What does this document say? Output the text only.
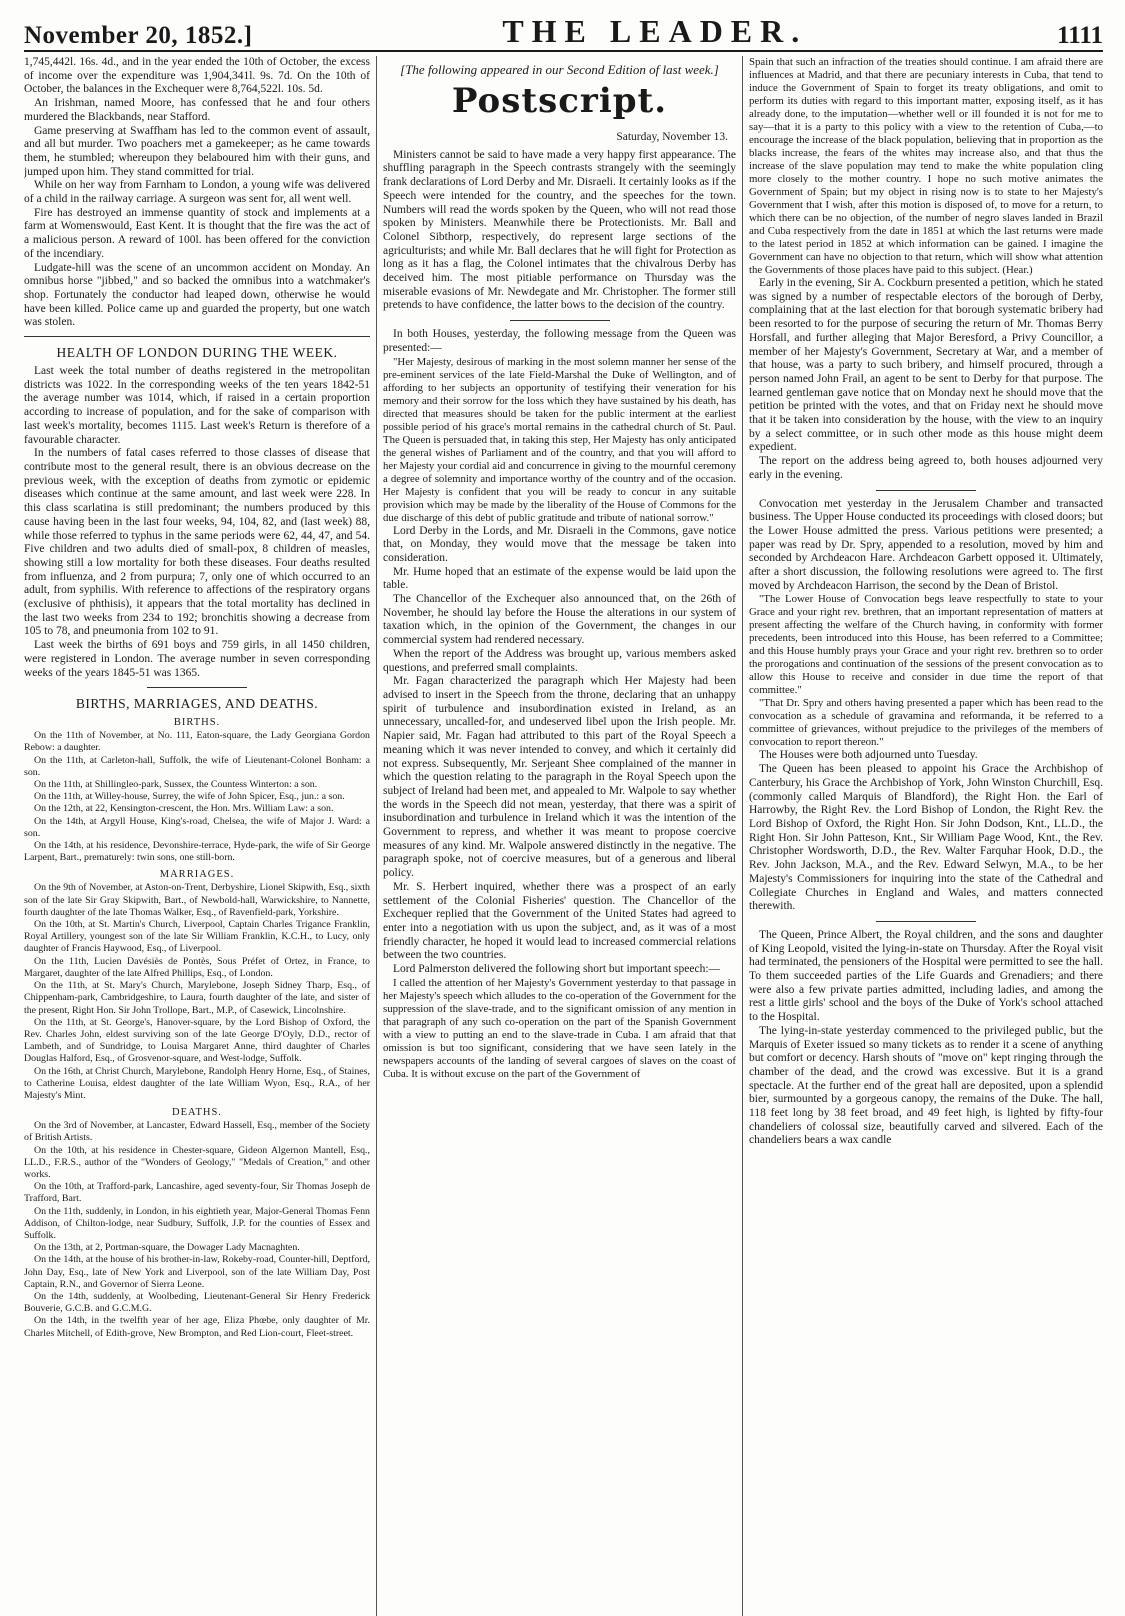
November 20, 1852.]	THE LEADER.	1111

1,745,442l. 16s. 4d., and in the year ended the 10th of October, the excess of income over the expenditure was 1,904,341l. 9s. 7d. On the 10th of October, the balances in the Exchequer were 8,764,522l. 10s. 5d.

An Irishman, named Moore, has confessed that he and four others murdered the Blackbands, near Stafford.

Game preserving at Swaffham has led to the common event of assault, and all but murder. Two poachers met a gamekeeper; as he came towards them, he stumbled; whereupon they belaboured him with their guns, and jumped upon him. They stand committed for trial.

While on her way from Farnham to London, a young wife was delivered of a child in the railway carriage. A surgeon was sent for, all went well.

Fire has destroyed an immense quantity of stock and implements at a farm at Womenswould, East Kent. It is thought that the fire was the act of a malicious person. A reward of 100l. has been offered for the conviction of the incendiary.

Ludgate-hill was the scene of an uncommon accident on Monday. An omnibus horse "jibbed," and so backed the omnibus into a watchmaker's shop. Fortunately the conductor had leaped down, otherwise he would have been killed. Police came up and guarded the property, but one watch was stolen.

HEALTH OF LONDON DURING THE WEEK.

Last week the total number of deaths registered in the metropolitan districts was 1022. In the corresponding weeks of the ten years 1842-51 the average number was 1014, which, if raised in a certain proportion according to increase of population, and for the sake of comparison with last week's mortality, becomes 1115. Last week's Return is therefore of a favourable character.

In the numbers of fatal cases referred to those classes of disease that contribute most to the general result, there is an obvious decrease on the previous week, with the exception of deaths from zymotic or epidemic diseases which continue at the same amount, and last week were 228. In this class scarlatina is still predominant; the numbers produced by this cause having been in the last four weeks, 94, 104, 82, and (last week) 88, while those referred to typhus in the same periods were 62, 44, 47, and 54. Five children and two adults died of small-pox, 8 children of measles, showing still a low mortality for both these diseases. Four deaths resulted from influenza, and 2 from purpura; 7, only one of which occurred to an adult, from syphilis. With reference to affections of the respiratory organs (exclusive of phthisis), it appears that the total mortality has declined in the last two weeks from 234 to 192; bronchitis showing a decrease from 105 to 78, and pneumonia from 102 to 91.

Last week the births of 691 boys and 759 girls, in all 1450 children, were registered in London. The average number in seven corresponding weeks of the years 1845-51 was 1365.

BIRTHS, MARRIAGES, AND DEATHS.
BIRTHS.

On the 11th of November, at No. 111, Eaton-square, the Lady Georgiana Gordon Rebow: a daughter.

On the 11th, at Carleton-hall, Suffolk, the wife of Lieutenant-Colonel Bonham: a son.

On the 11th, at Shillingleo-park, Sussex, the Countess Winterton: a son.

On the 11th, at Willey-house, Surrey, the wife of John Spicer, Esq., jun.: a son.

On the 12th, at 22, Kensington-crescent, the Hon. Mrs. William Law: a son.

On the 14th, at Argyll House, King's-road, Chelsea, the wife of Major J. Ward: a son.

On the 14th, at his residence, Devonshire-terrace, Hyde-park, the wife of Sir George Larpent, Bart., prematurely: twin sons, one still-born.

MARRIAGES.

On the 9th of November, at Aston-on-Trent, Derbyshire, Lionel Skipwith, Esq., sixth son of the late Sir Gray Skipwith, Bart., of Newbold-hall, Warwickshire, to Nannette, fourth daughter of the late Thomas Walker, Esq., of Ravenfield-park, Yorkshire.

On the 10th, at St. Martin's Church, Liverpool, Captain Charles Trigance Franklin, Royal Artillery, youngest son of the late Sir William Franklin, K.C.H., to Lucy, only daughter of Francis Haywood, Esq., of Liverpool.

On the 11th, Lucien Davésiès de Pontès, Sous Préfet of Ortez, in France, to Margaret, daughter of the late Alfred Phillips, Esq., of London.

On the 11th, at St. Mary's Church, Marylebone, Joseph Sidney Tharp, Esq., of Chippenham-park, Cambridgeshire, to Laura, fourth daughter of the late, and sister of the present, Right Hon. Sir John Trollope, Bart., M.P., of Casewick, Lincolnshire.

On the 11th, at St. George's, Hanover-square, by the Lord Bishop of Oxford, the Rev. Charles John, eldest surviving son of the late George D'Oyly, D.D., rector of Lambeth, and of Sundridge, to Louisa Margaret Anne, third daughter of Charles Douglas Halford, Esq., of Grosvenor-square, and West-lodge, Suffolk.

On the 16th, at Christ Church, Marylebone, Randolph Henry Horne, Esq., of Staines, to Catherine Louisa, eldest daughter of the late William Wyon, Esq., R.A., of her Majesty's Mint.

DEATHS.

On the 3rd of November, at Lancaster, Edward Hassell, Esq., member of the Society of British Artists.

On the 10th, at his residence in Chester-square, Gideon Algernon Mantell, Esq., LL.D., F.R.S., author of the "Wonders of Geology," "Medals of Creation," and other works.

On the 10th, at Trafford-park, Lancashire, aged seventy-four, Sir Thomas Joseph de Trafford, Bart.

On the 11th, suddenly, in London, in his eightieth year, Major-General Thomas Fenn Addison, of Chilton-lodge, near Sudbury, Suffolk, J.P. for the counties of Essex and Suffolk.

On the 13th, at 2, Portman-square, the Dowager Lady Macnaghten.

On the 14th, at the house of his brother-in-law, Rokeby-road, Counter-hill, Deptford, John Day, Esq., late of New York and Liverpool, son of the late William Day, Post Captain, R.N., and Governor of Sierra Leone.

On the 14th, suddenly, at Woolbeding, Lieutenant-General Sir Henry Frederick Bouverie, G.C.B. and G.C.M.G.

On the 14th, in the twelfth year of her age, Eliza Phœbe, only daughter of Mr. Charles Mitchell, of Edith-grove, New Brompton, and Red Lion-court, Fleet-street.

[The following appeared in our Second Edition of last week.]

Postscript.

Saturday, November 13.

Ministers cannot be said to have made a very happy first appearance. The shuffling paragraph in the Speech contrasts strangely with the seemingly frank declarations of Lord Derby and Mr. Disraeli. It certainly looks as if the Speech were intended for the country, and the speeches for the town. Numbers will read the words spoken by the Queen, who will not read those spoken by Ministers. Meanwhile there be Protectionists. Mr. Ball and Colonel Sibthorp, respectively, do represent large sections of the agriculturists; and while Mr. Ball declares that he will fight for Protection as long as it has a flag, the Colonel intimates that the chivalrous Derby has deceived him. The most pitiable performance on Thursday was the miserable evasions of Mr. Newdegate and Mr. Christopher. The former still pretends to have confidence, the latter bows to the decision of the country.

In both Houses, yesterday, the following message from the Queen was presented:—

"Her Majesty, desirous of marking in the most solemn manner her sense of the pre-eminent services of the late Field-Marshal the Duke of Wellington, and of affording to her subjects an opportunity of testifying their veneration for his memory and their sorrow for the loss which they have sustained by his death, has directed that measures should be taken for the public interment at the earliest possible period of his grace's mortal remains in the cathedral church of St. Paul. The Queen is persuaded that, in taking this step, Her Majesty has only anticipated the general wishes of Parliament and of the country, and that you will afford to her Majesty your cordial aid and concurrence in giving to the mournful ceremony a degree of solemnity and importance worthy of the country and of the occasion. Her Majesty is confident that you will be ready to concur in any suitable provision which may be made by the liberality of the House of Commons for the due discharge of this debt of public gratitude and tribute of national sorrow."

Lord Derby in the Lords, and Mr. Disraeli in the Commons, gave notice that, on Monday, they would move that the message be taken into consideration.

Mr. Hume hoped that an estimate of the expense would be laid upon the table.

The Chancellor of the Exchequer also announced that, on the 26th of November, he should lay before the House the alterations in our system of taxation which, in the opinion of the Government, the changes in our commercial system had rendered necessary.

When the report of the Address was brought up, various members asked questions, and preferred small complaints.

Mr. Fagan characterized the paragraph which Her Majesty had been advised to insert in the Speech from the throne, declaring that an unhappy spirit of turbulence and insubordination existed in Ireland, as an unnecessary, uncalled-for, and undeserved libel upon the Irish people. Mr. Napier said, Mr. Fagan had attributed to this part of the Royal Speech a meaning which it was never intended to convey, and which it certainly did not express. Subsequently, Mr. Serjeant Shee complained of the manner in which the question relating to the paragraph in the Royal Speech upon the subject of Ireland had been met, and appealed to Mr. Walpole to say whether the words in the Speech did not mean, yesterday, that there was a spirit of insubordination and turbulence in Ireland which it was the intention of the Government to repress, and whether it was meant to propose coercive measures of any kind. Mr. Walpole answered distinctly in the negative. The paragraph spoke, not of coercive measures, but of a generous and liberal policy.

Mr. S. Herbert inquired, whether there was a prospect of an early settlement of the Colonial Fisheries' question. The Chancellor of the Exchequer replied that the Government of the United States had agreed to enter into a negotiation with us upon the subject, and, as it was of a most friendly character, he hoped it would lead to increased commercial relations between the two countries.

Lord Palmerston delivered the following short but important speech:—

I called the attention of her Majesty's Government yesterday to that passage in her Majesty's speech which alludes to the co-operation of the Government for the suppression of the slave-trade, and to the significant omission of any mention in that paragraph of any such co-operation on the part of the Spanish Government with a view to putting an end to the slave-trade in Cuba. I am afraid that that omission is but too significant, considering that we have seen lately in the newspapers accounts of the landing of several cargoes of slaves on the coast of Cuba. It is without excuse on the part of the Government of

Spain that such an infraction of the treaties should continue. I am afraid there are influences at Madrid, and that there are pecuniary interests in Cuba, that tend to induce the Government of Spain to forget its treaty obligations, and omit to perform its duties with regard to this important matter, exposing itself, as it has already done, to the imputation—whether well or ill founded it is not for me to say—that it is a party to this policy with a view to the retention of Cuba,—to encourage the increase of the black population, believing that in proportion as the blacks increase, the fears of the whites may increase also, and that thus the increase of the slave population may tend to make the white population cling more closely to the mother country. I hope no such motive animates the Government of Spain; but my object in rising now is to state to her Majesty's Government that I wish, after this motion is disposed of, to move for a return, to which there can be no objection, of the number of negro slaves landed in Brazil and Cuba respectively from the date in 1851 at which the last returns were made to the latest period in 1852 at which information can be gained. I imagine the Government can have no objection to that return, which will show what attention the Governments of those places have paid to this subject. (Hear.)

Early in the evening, Sir A. Cockburn presented a petition, which he stated was signed by a number of respectable electors of the borough of Derby, complaining that at the last election for that borough systematic bribery had been resorted to for the purpose of securing the return of Mr. Thomas Berry Horsfall, and further alleging that Major Beresford, a Privy Councillor, a member of her Majesty's Government, Secretary at War, and a member of that house, was a party to such bribery, and himself procured, through a person named John Frail, an agent to be sent to Derby for that purpose. The learned gentleman gave notice that on Monday next he should move that the petition be printed with the votes, and that on Friday next he should move that it be taken into consideration by the house, with the view to an inquiry by a select committee, or in such other mode as this house might deem expedient.

The report on the address being agreed to, both houses adjourned very early in the evening.

Convocation met yesterday in the Jerusalem Chamber and transacted business. The Upper House conducted its proceedings with closed doors; but the Lower House admitted the press. Various petitions were presented; a paper was read by Dr. Spry, appended to a resolution, moved by him and seconded by Archdeacon Hare. Archdeacon Garbett opposed it. Ultimately, after a short discussion, the following resolutions were agreed to. The first moved by Archdeacon Harrison, the second by the Dean of Bristol.

"The Lower House of Convocation begs leave respectfully to state to your Grace and your right rev. brethren, that an important representation of matters at present affecting the welfare of the Church having, in conformity with former precedents, been introduced into this House, has been referred to a Committee; and this House humbly prays your Grace and your right rev. brethren so to order the prorogations and continuation of the sessions of the present convocation as to allow this House to receive and consider in due time the report of that committee."

"That Dr. Spry and others having presented a paper which has been read to the convocation as a schedule of gravamina and reformanda, it be referred to a committee of grievances, without prejudice to the privileges of the members of convocation to report thereon."

The Houses were both adjourned unto Tuesday.

The Queen has been pleased to appoint his Grace the Archbishop of Canterbury, his Grace the Archbishop of York, John Winston Churchill, Esq. (commonly called Marquis of Blandford), the Right Hon. the Earl of Harrowby, the Right Rev. the Lord Bishop of London, the Right Rev. the Lord Bishop of Oxford, the Right Hon. Sir John Dodson, Knt., LL.D., the Right Hon. Sir John Patteson, Knt., Sir William Page Wood, Knt., the Rev. Christopher Wordsworth, D.D., the Rev. Walter Farquhar Hook, D.D., the Rev. John Jackson, M.A., and the Rev. Edward Selwyn, M.A., to be her Majesty's Commissioners for inquiring into the state of the Cathedral and Collegiate Churches in England and Wales, and matters connected therewith.

The Queen, Prince Albert, the Royal children, and the sons and daughter of King Leopold, visited the lying-in-state on Thursday. After the Royal visit had terminated, the pensioners of the Hospital were permitted to see the hall. To them succeeded parties of the Life Guards and Grenadiers; and there were also a few private parties admitted, including ladies, and among the rest a little girls' school and the boys of the Duke of York's school attached to the Hospital.

The lying-in-state yesterday commenced to the privileged public, but the Marquis of Exeter issued so many tickets as to render it a scene of anything but comfort or decency. Harsh shouts of "move on" kept ringing through the chamber of the dead, and the crowd was excessive. But it is a grand spectacle. At the further end of the great hall are deposited, upon a splendid bier, surmounted by a gorgeous canopy, the remains of the Duke. The hall, 118 feet long by 38 feet broad, and 49 feet high, is lighted by fifty-four chandeliers of colossal size, beautifully carved and silvered. Each of the chandeliers bears a wax candle
